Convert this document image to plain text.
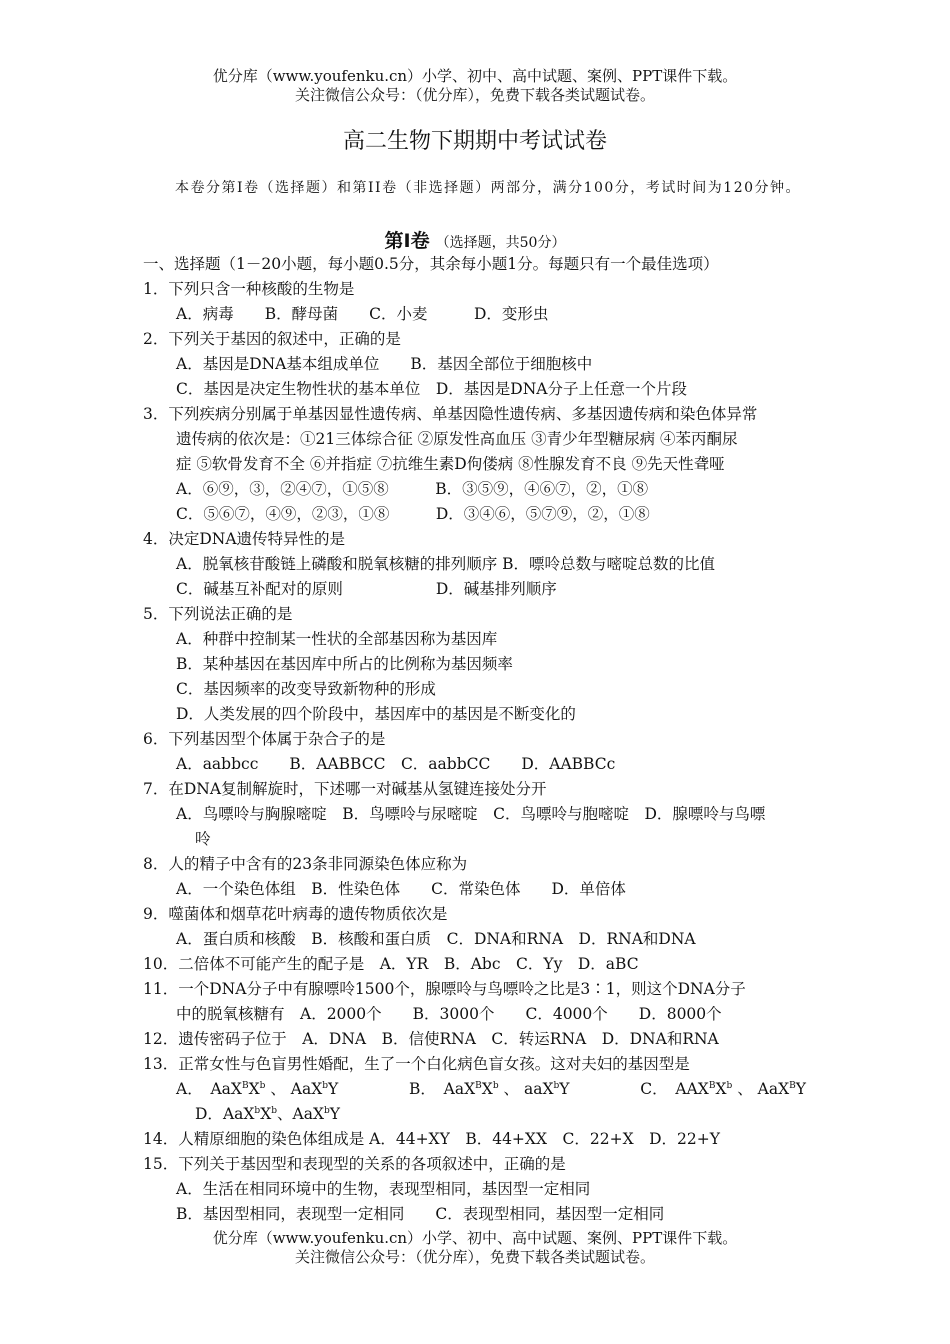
优分库（www.youfenku.cn）小学、初中、高中试题、案例、PPT课件下载。
关注微信公众号：（优分库），免费下载各类试题试卷。
高二生物下期期中考试试卷
本卷分第Ⅰ卷（选择题）和第II卷（非选择题）两部分，满分100分，考试时间为120分钟。
第Ⅰ卷 （选择题，共50分）
一、选择题（1－20小题，每小题0.5分，其余每小题1分。每题只有一个最佳选项）
1．下列只含一种核酸的生物是
A．病毒　　B．酵母菌　　C．小麦　　　D．变形虫
2．下列关于基因的叙述中，正确的是
A．基因是DNA基本组成单位　　B．基因全部位于细胞核中
C．基因是决定生物性状的基本单位　D．基因是DNA分子上任意一个片段
3．下列疾病分别属于单基因显性遗传病、单基因隐性遗传病、多基因遗传病和染色体异常
遗传病的依次是：①21三体综合征 ②原发性高血压 ③青少年型糖尿病 ④苯丙酮尿
症 ⑤软骨发育不全 ⑥并指症 ⑦抗维生素D佝偻病 ⑧性腺发育不良 ⑨先天性聋哑
A．⑥⑨，③，②④⑦，①⑤⑧　　　B．③⑤⑨，④⑥⑦，②，①⑧
C．⑤⑥⑦，④⑨，②③，①⑧　　　D．③④⑥，⑤⑦⑨，②，①⑧
4．决定DNA遗传特异性的是
A．脱氧核苷酸链上磷酸和脱氧核糖的排列顺序 B．嘌呤总数与嘧啶总数的比值
C．碱基互补配对的原则　　　　　　D．碱基排列顺序
5．下列说法正确的是
A．种群中控制某一性状的全部基因称为基因库
B．某种基因在基因库中所占的比例称为基因频率
C．基因频率的改变导致新物种的形成
D．人类发展的四个阶段中，基因库中的基因是不断变化的
6．下列基因型个体属于杂合子的是
A．aabbcc　　B．AABBCC　C．aabbCC　　D．AABBCc
7．在DNA复制解旋时，下述哪一对碱基从氢键连接处分开
A．鸟嘌呤与胸腺嘧啶　B．鸟嘌呤与尿嘧啶　C．鸟嘌呤与胞嘧啶　D．腺嘌呤与鸟嘌
呤
8．人的精子中含有的23条非同源染色体应称为
A．一个染色体组　B．性染色体　　C．常染色体　　D．单倍体
9．噬菌体和烟草花叶病毒的遗传物质依次是
A．蛋白质和核酸　B．核酸和蛋白质　C．DNA和RNA　D．RNA和DNA
10．二倍体不可能产生的配子是　A．YR　B．Abc　C．Yy　D．aBC
11．一个DNA分子中有腺嘌呤1500个，腺嘌呤与鸟嘌呤之比是3∶1，则这个DNA分子
中的脱氧核糖有　A．2000个　　B．3000个　　C．4000个　　D．8000个
12．遗传密码子位于　A．DNA　B．信使RNA　C．转运RNA　D．DNA和RNA
13．正常女性与色盲男性婚配，生了一个白化病色盲女孩。这对夫妇的基因型是
A．　 $AaX^BX^b$ 、 AaX$^b$Y	B．　 $AaX^BX^b$ 、 aaX$^b$Y	C．　 $AAX^BX^b$ 、 AaX$^B$Y
D．$AaX^bX^b$、AaX$^b$Y
14．人精原细胞的染色体组成是 A．44+XY　B．44+XX　C．22+X　D．22+Y
15．下列关于基因型和表现型的关系的各项叙述中，正确的是
A．生活在相同环境中的生物，表现型相同，基因型一定相同
B．基因型相同，表现型一定相同　　C．表现型相同，基因型一定相同
优分库（www.youfenku.cn）小学、初中、高中试题、案例、PPT课件下载。
关注微信公众号：（优分库），免费下载各类试题试卷。
